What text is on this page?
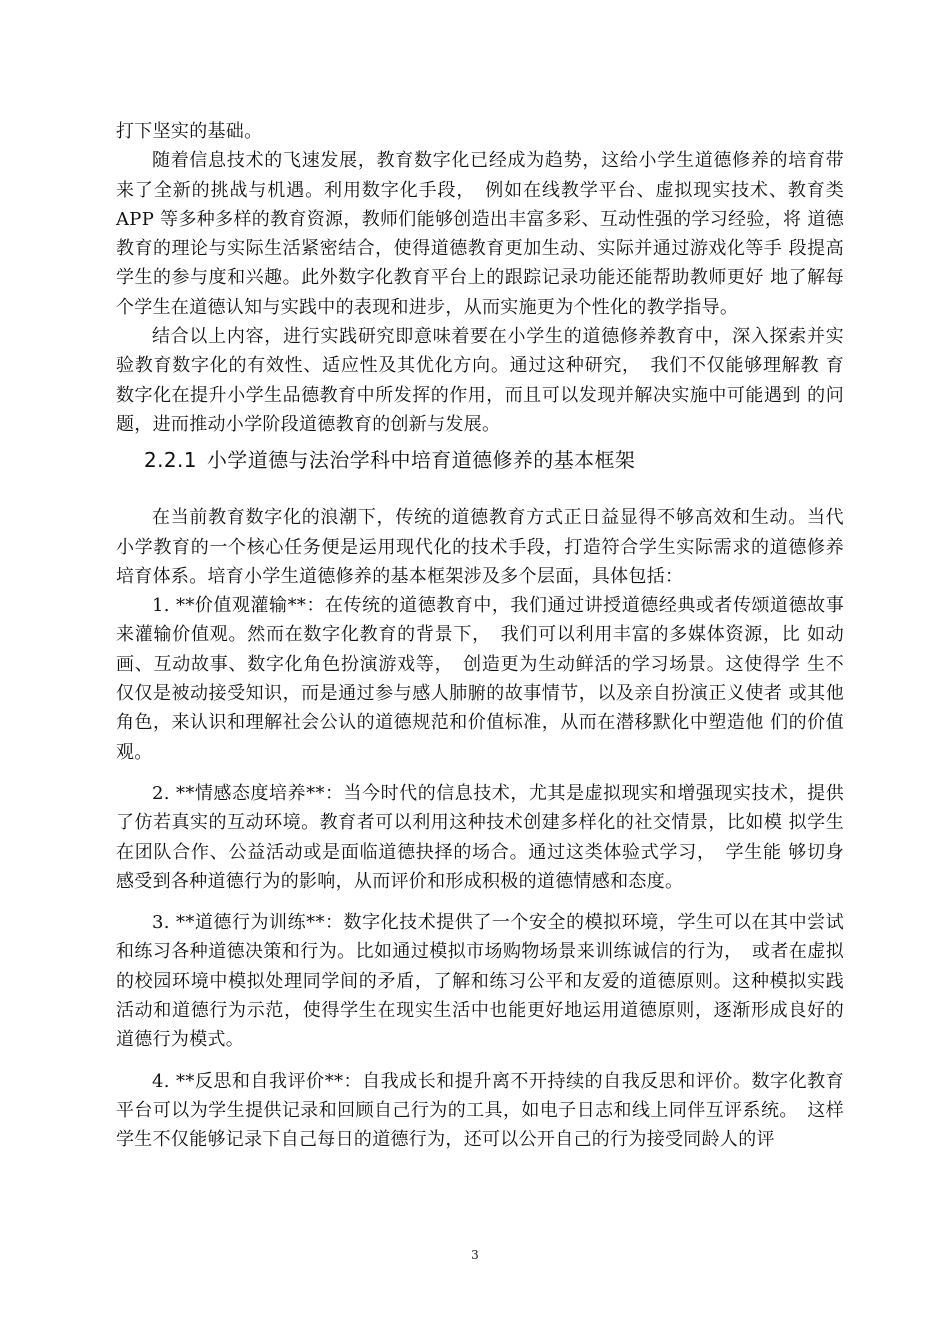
打下坚实的基础。

随着信息技术的飞速发展，教育数字化已经成为趋势，这给小学生道德修养的培育带来了全新的挑战与机遇。利用数字化手段，　例如在线教学平台、虚拟现实技术、教育类 APP 等多种多样的教育资源，教师们能够创造出丰富多彩、互动性强的学习经验，将 道德教育的理论与实际生活紧密结合，使得道德教育更加生动、实际并通过游戏化等手 段提高学生的参与度和兴趣。此外数字化教育平台上的跟踪记录功能还能帮助教师更好 地了解每个学生在道德认知与实践中的表现和进步，从而实施更为个性化的教学指导。

结合以上内容，进行实践研究即意味着要在小学生的道德修养教育中，深入探索并实验教育数字化的有效性、适应性及其优化方向。通过这种研究，　我们不仅能够理解教 育数字化在提升小学生品德教育中所发挥的作用，而且可以发现并解决实施中可能遇到 的问题，进而推动小学阶段道德教育的创新与发展。

2.2.1 小学道德与法治学科中培育道德修养的基本框架

在当前教育数字化的浪潮下，传统的道德教育方式正日益显得不够高效和生动。当代小学教育的一个核心任务便是运用现代化的技术手段，打造符合学生实际需求的道德修养培育体系。培育小学生道德修养的基本框架涉及多个层面，具体包括：

1. **价值观灌输**：在传统的道德教育中，我们通过讲授道德经典或者传颂道德故事来灌输价值观。然而在数字化教育的背景下，　我们可以利用丰富的多媒体资源，比 如动画、互动故事、数字化角色扮演游戏等，　创造更为生动鲜活的学习场景。这使得学 生不仅仅是被动接受知识，而是通过参与感人肺腑的故事情节，以及亲自扮演正义使者 或其他角色，来认识和理解社会公认的道德规范和价值标准，从而在潜移默化中塑造他 们的价值观。

2. **情感态度培养**：当今时代的信息技术，尤其是虚拟现实和增强现实技术，提供了仿若真实的互动环境。教育者可以利用这种技术创建多样化的社交情景，比如模 拟学生在团队合作、公益活动或是面临道德抉择的场合。通过这类体验式学习，　学生能 够切身感受到各种道德行为的影响，从而评价和形成积极的道德情感和态度。

3. **道德行为训练**：数字化技术提供了一个安全的模拟环境，学生可以在其中尝试和练习各种道德决策和行为。比如通过模拟市场购物场景来训练诚信的行为，　或者在虚拟的校园环境中模拟处理同学间的矛盾，了解和练习公平和友爱的道德原则。这种模拟实践活动和道德行为示范，使得学生在现实生活中也能更好地运用道德原则，逐渐形成良好的道德行为模式。

4. **反思和自我评价**：自我成长和提升离不开持续的自我反思和评价。数字化教育平台可以为学生提供记录和回顾自己行为的工具，如电子日志和线上同伴互评系统。　这样学生不仅能够记录下自己每日的道德行为，还可以公开自己的行为接受同龄人的评

3
